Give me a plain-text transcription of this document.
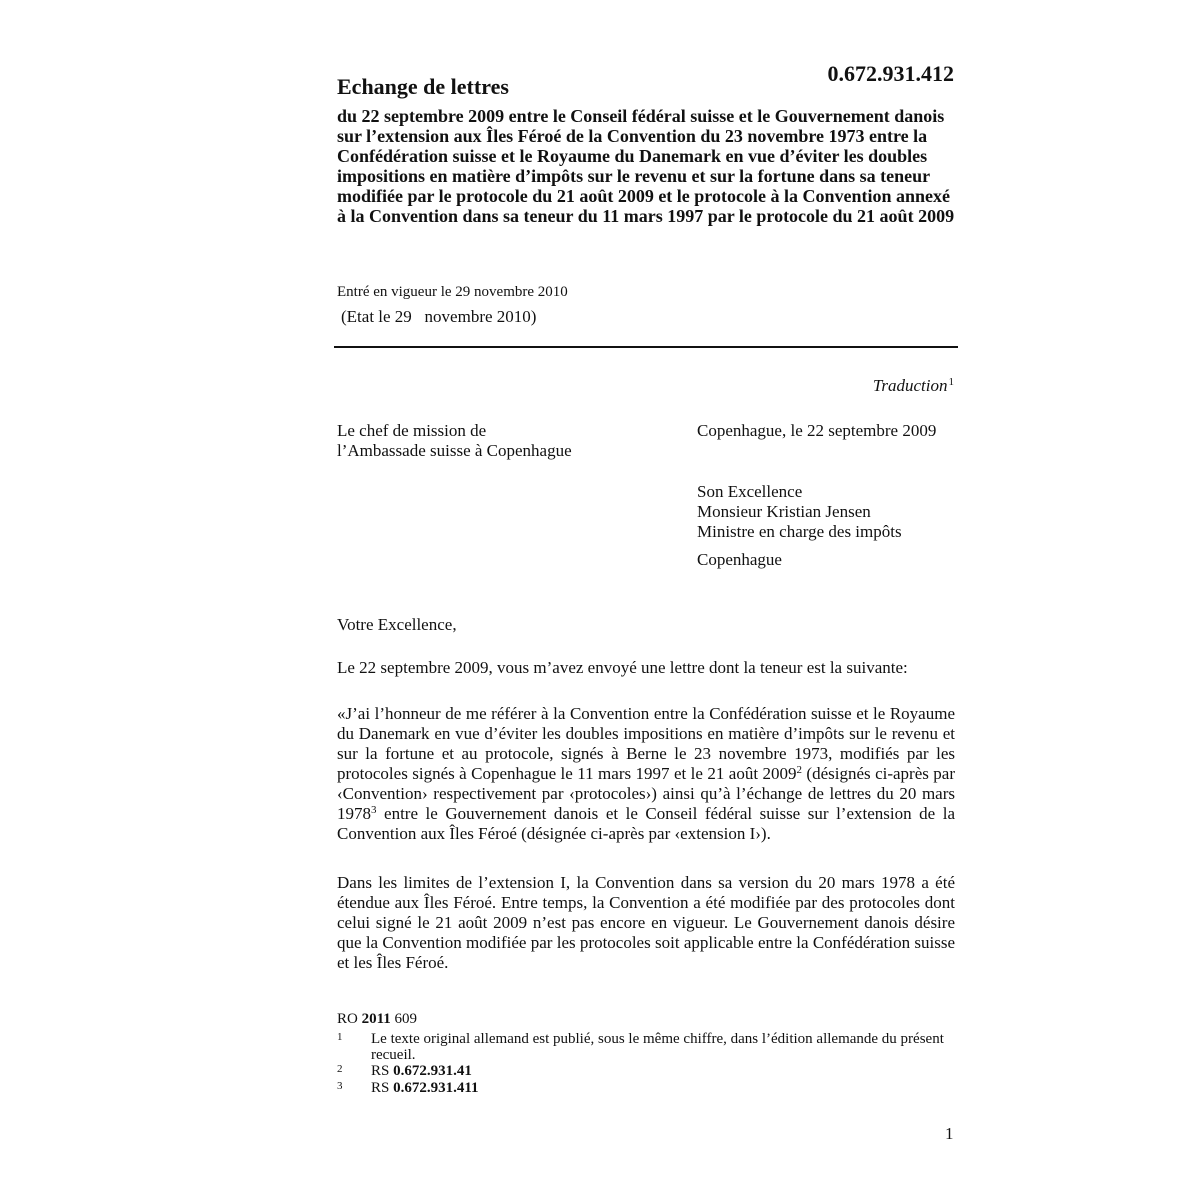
Echange de lettres
0.672.931.412
du 22 septembre 2009 entre le Conseil fédéral suisse et le Gouvernement danois sur l’extension aux Îles Féroé de la Convention du 23 novembre 1973 entre la Confédération suisse et le Royaume du Danemark en vue d’éviter les doubles impositions en matière d’impôts sur le revenu et sur la fortune dans sa teneur modifiée par le protocole du 21 août 2009 et le protocole à la Convention annexé à la Convention dans sa teneur du 11 mars 1997 par le protocole du 21 août 2009
Entré en vigueur le 29 novembre 2010
(Etat le 29   novembre 2010)
Traduction$^1$
Le chef de mission de
l’Ambassade suisse à Copenhague
Copenhague, le 22 septembre 2009
Son Excellence
Monsieur Kristian Jensen
Ministre en charge des impôts
Copenhague
Votre Excellence,
Le 22 septembre 2009, vous m’avez envoyé une lettre dont la teneur est la suivante:
«J’ai l’honneur de me référer à la Convention entre la Confédération suisse et le Royaume du Danemark en vue d’éviter les doubles impositions en matière d’impôts sur le revenu et sur la fortune et au protocole, signés à Berne le 23 novembre 1973, modifiés par les protocoles signés à Copenhague le 11 mars 1997 et le 21 août 2009$^2$ (désignés ci-après par ‹Convention› respectivement par ‹protocoles›) ainsi qu’à l’échange de lettres du 20 mars 1978$^3$ entre le Gouvernement danois et le Conseil fédéral suisse sur l’extension de la Convention aux Îles Féroé (désignée ci-après par ‹extension I›).
Dans les limites de l’extension I, la Convention dans sa version du 20 mars 1978 a été étendue aux Îles Féroé. Entre temps, la Convention a été modifiée par des protocoles dont celui signé le 21 août 2009 n’est pas encore en vigueur. Le Gouvernement danois désire que la Convention modifiée par les protocoles soit applicable entre la Confédération suisse et les Îles Féroé.
RO 2011 609
1 Le texte original allemand est publié, sous le même chiffre, dans l’édition allemande du présent recueil.
2 RS 0.672.931.41
3 RS 0.672.931.411
1
